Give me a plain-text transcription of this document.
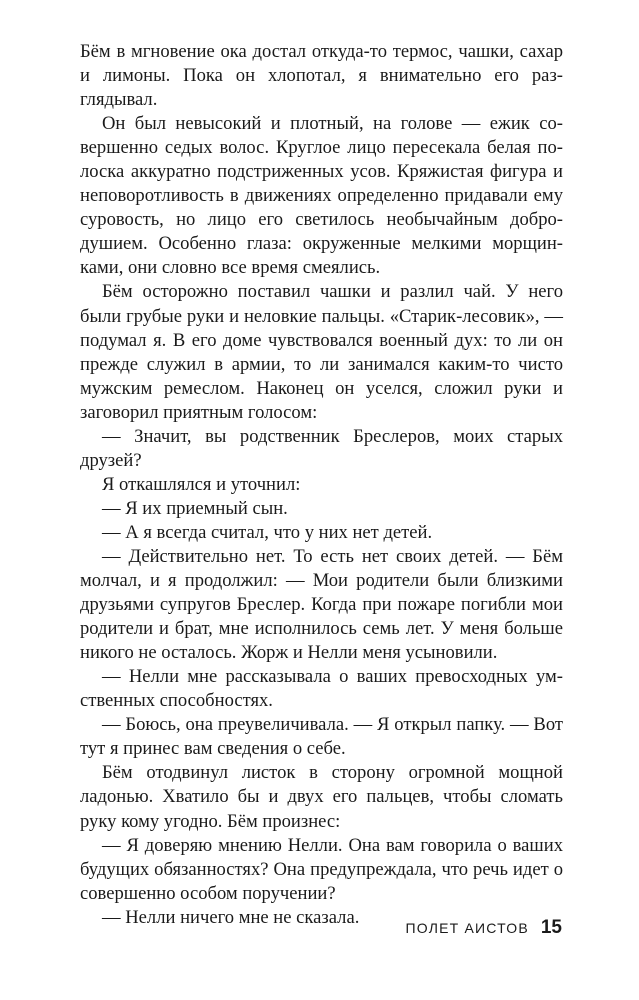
Бём в мгновение ока достал откуда-то термос, чашки, сахар и лимоны. Пока он хлопотал, я внимательно его разглядывал.

Он был невысокий и плотный, на голове — ежик совершенно седых волос. Круглое лицо пересекала белая полоска аккуратно подстриженных усов. Кряжистая фигура и неповоротливость в движениях определенно придавали ему суровость, но лицо его светилось необычайным добродушием. Особенно глаза: окруженные мелкими морщинками, они словно все время смеялись.

Бём осторожно поставил чашки и разлил чай. У него были грубые руки и неловкие пальцы. «Старик-лесовик», — подумал я. В его доме чувствовался военный дух: то ли он прежде служил в армии, то ли занимался каким-то чисто мужским ремеслом. Наконец он уселся, сложил руки и заговорил приятным голосом:

— Значит, вы родственник Бреслеров, моих старых друзей?

Я откашлялся и уточнил:

— Я их приемный сын.

— А я всегда считал, что у них нет детей.

— Действительно нет. То есть нет своих детей. — Бём молчал, и я продолжил: — Мои родители были близкими друзьями супругов Бреслер. Когда при пожаре погибли мои родители и брат, мне исполнилось семь лет. У меня больше никого не осталось. Жорж и Нелли меня усыновили.

— Нелли мне рассказывала о ваших превосходных умственных способностях.

— Боюсь, она преувеличивала. — Я открыл папку. — Вот тут я принес вам сведения о себе.

Бём отодвинул листок в сторону огромной мощной ладонью. Хватило бы и двух его пальцев, чтобы сломать руку кому угодно. Бём произнес:

— Я доверяю мнению Нелли. Она вам говорила о ваших будущих обязанностях? Она предупреждала, что речь идет о совершенно особом поручении?

— Нелли ничего мне не сказала.

ПОЛЕТ АИСТОВ 15
